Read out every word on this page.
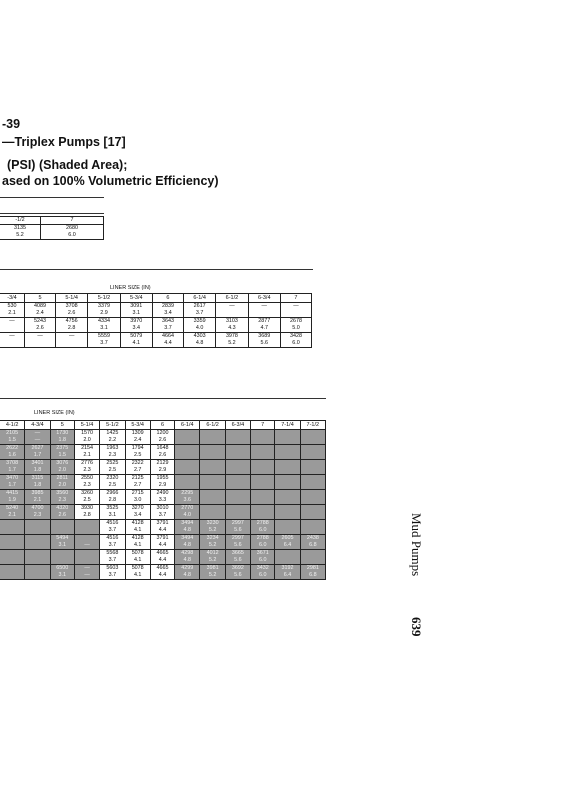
-39
—Triplex Pumps [17]
(PSI) (Shaded Area);
ased on 100% Volumetric Efficiency)
-1/2	7
3135	2680
5.2	6.0
LINER SIZE (IN)
-3/4	5	5-1/4	5-1/2	5-3/4	6	6-1/4	6-1/2	6-3/4	7
530	4089	3708	3379	3091	2839	2617	—	—	—
2.1	2.4	2.6	2.9	3.1	3.4	3.7			
—	5243	4756	4334	3970	3643	3359	3103	2877	2678
	2.6	2.8	3.1	3.4	3.7	4.0	4.3	4.7	5.0
—	—	—	5559	5079	4664	4303	3978	3689	3428
			3.7	4.1	4.4	4.8	5.2	5.6	6.0
LINER SIZE (IN)
4-1/2	4-3/4	5	5-1/4	5-1/2	5-3/4	6	6-1/4	6-1/2	6-3/4	7	7-1/4	7-1/2
2105	—	1730	1570	1425	1309	1200						
1.5	—	1.8	2.0	2.2	2.4	2.6						
2622	2627	2375	2154	1963	1794	1648						
1.6	1.7	1.5	2.1	2.3	2.5	2.6						
3708	3401	3076	2776	2525	2322	2129						
1.7	1.8	2.0	2.3	2.5	2.7	2.9						
3470	3115	2811	2550	2320	2125	1955						
1.7	1.8	2.0	2.3	2.5	2.7	2.9						
4415	3985	3560	3260	2966	2715	2490	2295					
1.9	2.1	2.3	2.5	2.8	3.0	3.3	3.6					
5240	4700	4320	3930	3525	3270	3010	2770					
2.1	2.3	2.6	2.8	3.1	3.4	3.7	4.0					
				4516	4128	3791	3494	3230	2997	2788		
				3.7	4.1	4.4	4.8	5.2	5.6	6.0		
		5494		4516	4128	3791	3494	3234	2997	2788	2605	2438
		3.1	—	3.7	4.1	4.4	4.8	5.2	5.6	6.0	6.4	6.8
				5568	5078	4665	4298	4012	3665	3671		
				3.7	4.1	4.4	4.8	5.2	5.6	6.0		
		6500	—	5603	5078	4665	4299	3981	3692	3432	3192	2981
		3.1	—	3.7	4.1	4.4	4.8	5.2	5.6	6.0	6.4	6.8	Mud Pumps
639
